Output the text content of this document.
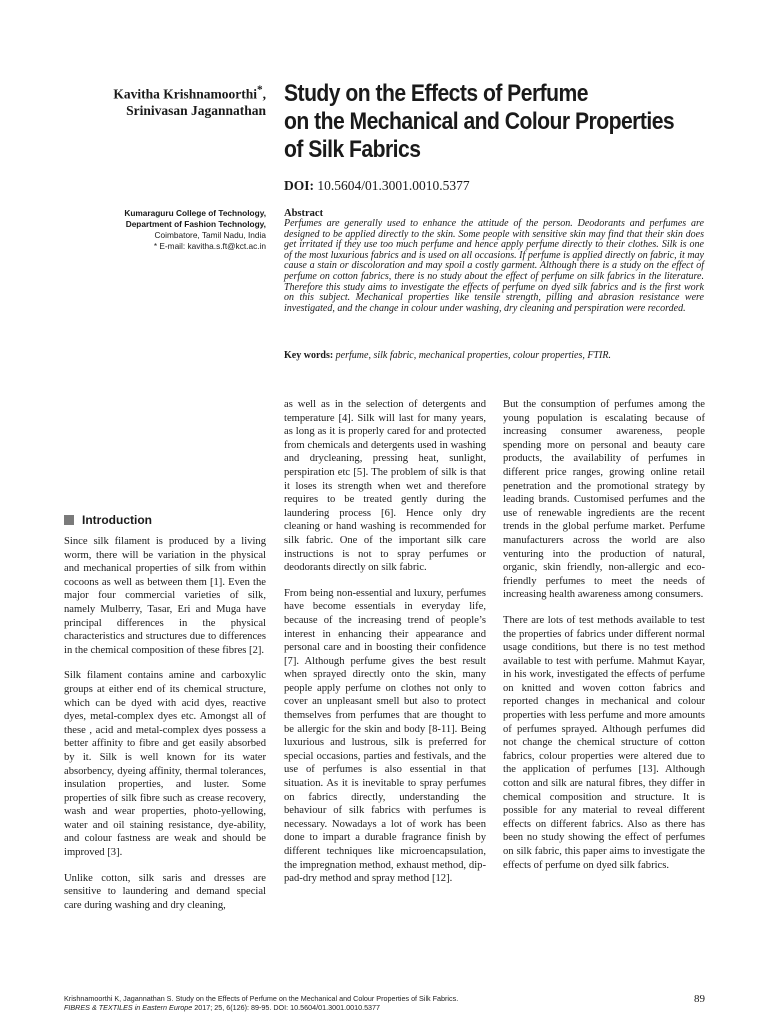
Kavitha Krishnamoorthi*,
Srinivasan Jagannathan
Kumaraguru College of Technology,
Department of Fashion Technology,
Coimbatore, Tamil Nadu, India
* E-mail: kavitha.s.ft@kct.ac.in
Study on the Effects of Perfume
on the Mechanical and Colour Properties
of Silk Fabrics
DOI: 10.5604/01.3001.0010.5377
Abstract
Perfumes are generally used to enhance the attitude of the person. Deodorants and perfumes are designed to be applied directly to the skin. Some people with sensitive skin may find that their skin does get irritated if they use too much perfume and hence apply perfume directly to their clothes. Silk is one of the most luxurious fabrics and is used on all occasions. If perfume is applied directly on fabric, it may cause a stain or discoloration and may spoil a costly garment. Although there is a study on the effect of perfume on cotton fabrics, there is no study about the effect of perfume on silk fabrics in the literature. Therefore this study aims to investigate the effects of perfume on dyed silk fabrics and is the first work on this subject. Mechanical properties like tensile strength, pilling and abrasion resistance were investigated, and the change in colour under washing, dry cleaning and perspiration were recorded.
Key words: perfume, silk fabric, mechanical properties, colour properties, FTIR.
Introduction

Since silk filament is produced by a living worm, there will be variation in the physical and mechanical properties of silk from within cocoons as well as between them [1]. Even the major four commercial varieties of silk, namely Mulberry, Tasar, Eri and Muga have principal differences in the physical characteristics and structures due to differences in the chemical composition of these fibres [2].

Silk filament contains amine and carboxylic groups at either end of its chemical structure, which can be dyed with acid dyes, reactive dyes, metal-complex dyes etc. Amongst all of these , acid and metal-complex dyes possess a better affinity to fibre and get easily absorbed by it. Silk is well known for its water absorbency, dyeing affinity, thermal tolerances, insulation properties, and luster. Some properties of silk fibre such as crease recovery, wash and wear properties, photo-yellowing, water and oil staining resistance, dye-ability, and colour fastness are weak and should be improved [3].

Unlike cotton, silk saris and dresses are sensitive to laundering and demand special care during washing and dry cleaning,

as well as in the selection of detergents and temperature [4]. Silk will last for many years, as long as it is properly cared for and protected from chemicals and detergents used in washing and drycleaning, pressing heat, sunlight, perspiration etc [5]. The problem of silk is that it loses its strength when wet and therefore requires to be treated gently during the laundering process [6]. Hence only dry cleaning or hand washing is recommended for silk fabric. One of the important silk care instructions is not to spray perfumes or deodorants directly on silk fabric.

From being non-essential and luxury, perfumes have become essentials in everyday life, because of the increasing trend of people’s interest in enhancing their appearance and personal care and in boosting their confidence [7]. Although perfume gives the best result when sprayed directly onto the skin, many people apply perfume on clothes not only to cover an unpleasant smell but also to protect themselves from perfumes that are thought to be allergic for the skin and body [8-11]. Being luxurious and lustrous, silk is preferred for special occasions, parties and festivals, and the use of perfumes is also essential in that situation. As it is inevitable to spray perfumes on fabrics directly, understanding the behaviour of silk fabrics with perfumes is necessary. Nowadays a lot of work has been done to impart a durable fragrance finish by different techniques like microencapsulation, the impregnation method, exhaust method, dip-pad-dry method and spray method [12].

But the consumption of perfumes among the young population is escalating because of increasing consumer awareness, people spending more on personal and beauty care products, the availability of perfumes in different price ranges, growing online retail penetration and the promotional strategy by leading brands. Customised perfumes and the use of renewable ingredients are the recent trends in the global perfume market. Perfume manufacturers across the world are also venturing into the production of natural, organic, skin friendly, non-allergic and eco-friendly perfumes to meet the needs of increasing health awareness among consumers.

There are lots of test methods available to test the properties of fabrics under different normal usage conditions, but there is no test method available to test with perfume. Mahmut Kayar, in his work, investigated the effects of perfume on knitted and woven cotton fabrics and reported changes in mechanical and colour properties with less perfume and more amounts of perfumes sprayed. Although perfumes did not change the chemical structure of cotton fabrics, colour properties were altered due to the application of perfumes [13]. Although cotton and silk are natural fibres, they differ in chemical composition and structure. It is possible for any material to reveal different effects on different fabrics. Also as there has been no study showing the effect of perfumes on silk fabric, this paper aims to investigate the effects of perfume on dyed silk fabrics.

Krishnamoorthi K, Jagannathan S. Study on the Effects of Perfume on the Mechanical and Colour Properties of Silk Fabrics.
FIBRES & TEXTILES in Eastern Europe 2017; 25, 6(126): 89-95. DOI: 10.5604/01.3001.0010.5377
89
